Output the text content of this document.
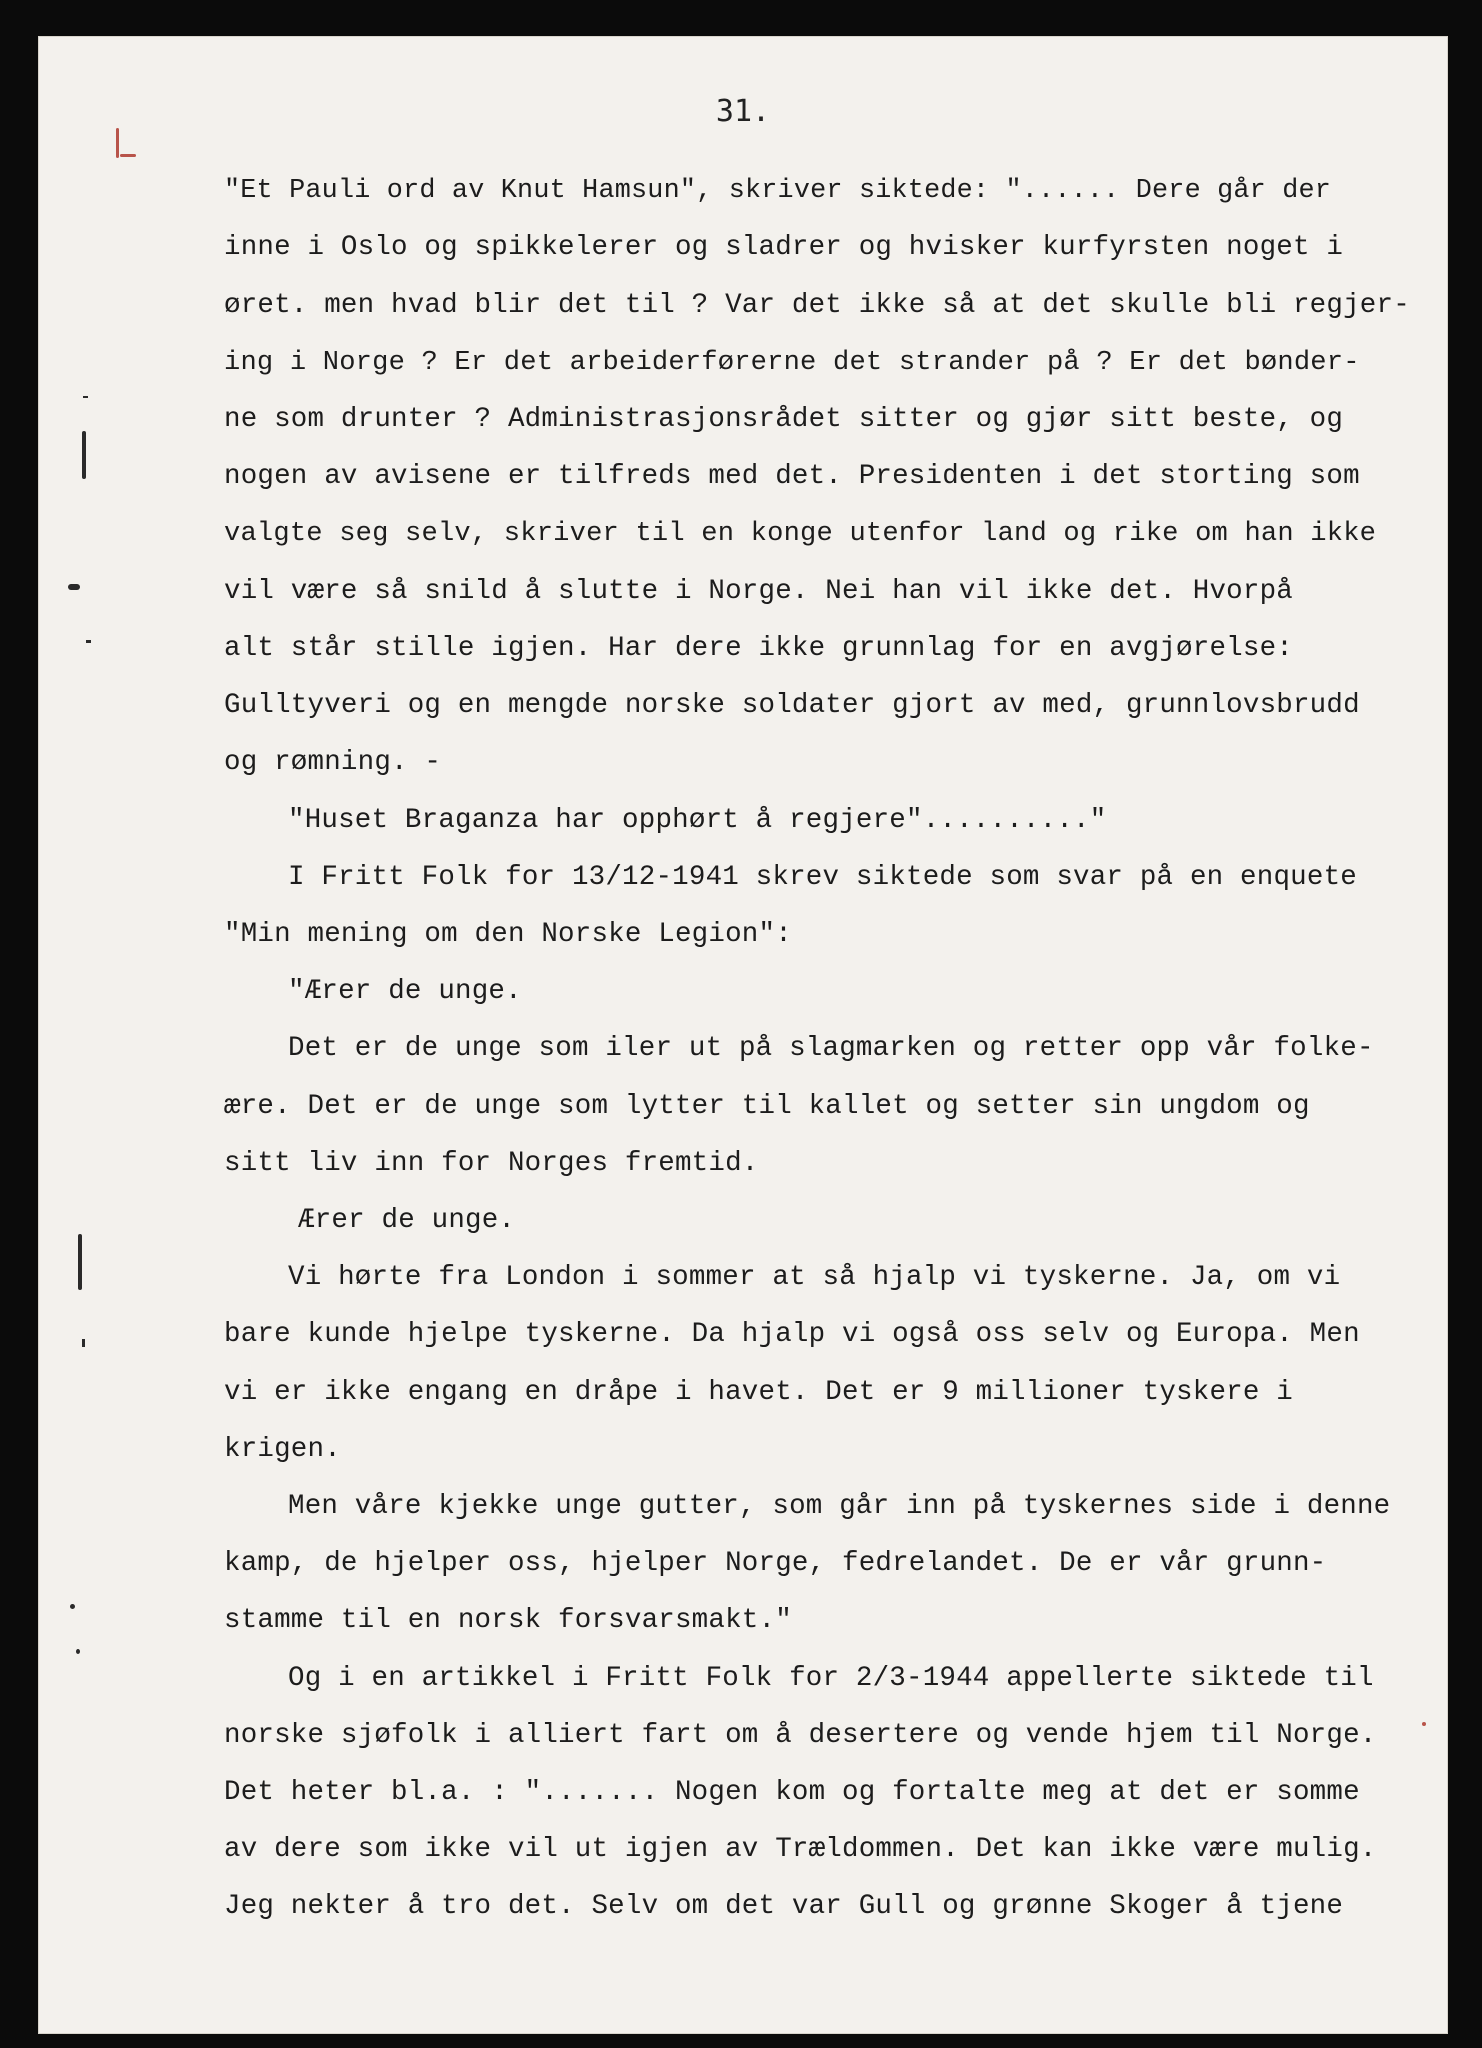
31.
"Et Pauli ord av Knut Hamsun", skriver siktede: "...... Dere går der
inne i Oslo og spikkelerer og sladrer og hvisker kurfyrsten noget i
øret. men hvad blir det til ? Var det ikke så at det skulle bli regjer-
ing i Norge ? Er det arbeiderførerne det strander på ? Er det bønder-
ne som drunter ? Administrasjonsrådet sitter og gjør sitt beste, og
nogen av avisene er tilfreds med det. Presidenten i det storting som
valgte seg selv, skriver til en konge utenfor land og rike om han ikke
vil være så snild å slutte i Norge. Nei han vil ikke det. Hvorpå
alt står stille igjen. Har dere ikke grunnlag for en avgjørelse:
Gulltyveri og en mengde norske soldater gjort av med, grunnlovsbrudd
og rømning. -
"Huset Braganza har opphørt å regjere".........."
I Fritt Folk for 13/12-1941 skrev siktede som svar på en enquete
"Min mening om den Norske Legion":
"Ærer de unge.
Det er de unge som iler ut på slagmarken og retter opp vår folke-
ære. Det er de unge som lytter til kallet og setter sin ungdom og
sitt liv inn for Norges fremtid.
Ærer de unge.
Vi hørte fra London i sommer at så hjalp vi tyskerne. Ja, om vi
bare kunde hjelpe tyskerne. Da hjalp vi også oss selv og Europa. Men
vi er ikke engang en dråpe i havet. Det er 9 millioner tyskere i
krigen.
Men våre kjekke unge gutter, som går inn på tyskernes side i denne
kamp, de hjelper oss, hjelper Norge, fedrelandet. De er vår grunn-
stamme til en norsk forsvarsmakt."
Og i en artikkel i Fritt Folk for 2/3-1944 appellerte siktede til
norske sjøfolk i alliert fart om å desertere og vende hjem til Norge.
Det heter bl.a. : "....... Nogen kom og fortalte meg at det er somme
av dere som ikke vil ut igjen av Trældommen. Det kan ikke være mulig.
Jeg nekter å tro det. Selv om det var Gull og grønne Skoger å tjene
